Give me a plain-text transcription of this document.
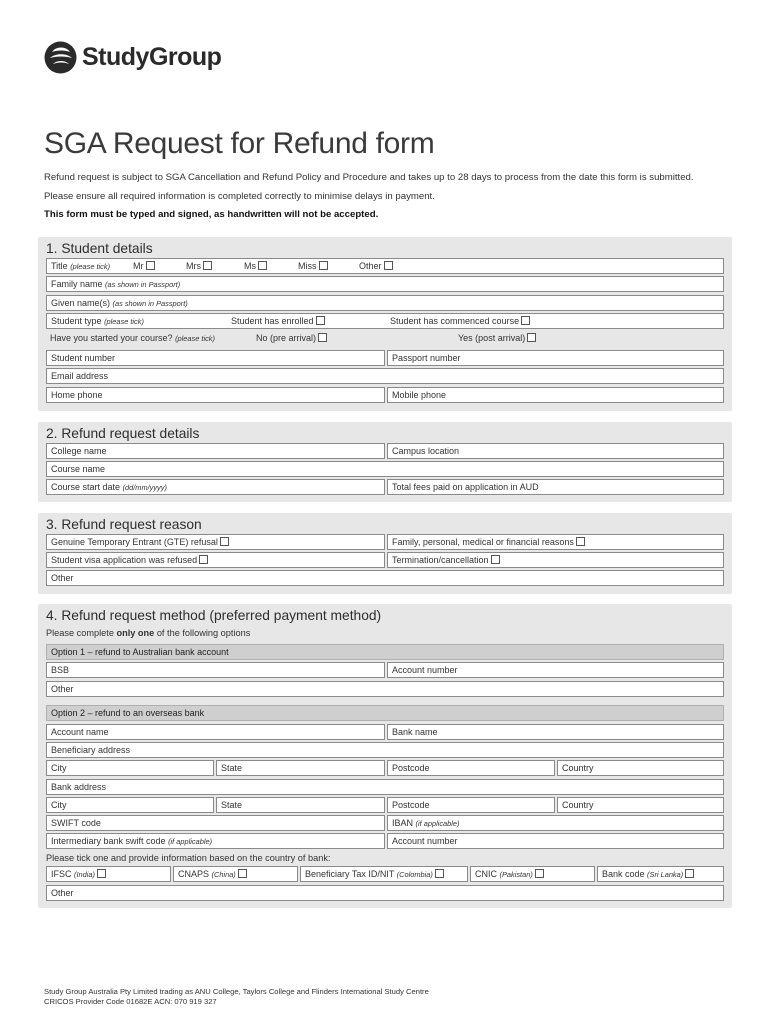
StudyGroup
SGA Request for Refund form
Refund request is subject to SGA Cancellation and Refund Policy and Procedure and takes up to 28 days to process from the date this form is submitted.
Please ensure all required information is completed correctly to minimise delays in payment.
This form must be typed and signed, as handwritten will not be accepted.
1. Student details
Title (please tick)	Mr	Mrs	Ms	Miss	Other
Family name (as shown in Passport)
Given name(s) (as shown in Passport)
Student type (please tick)	Student has enrolled	Student has commenced course
Have you started your course? (please tick)	No (pre arrival)	Yes (post arrival)
Student number	Passport number
Email address
Home phone	Mobile phone
2. Refund request details
College name	Campus location
Course name
Course start date (dd/mm/yyyy)	Total fees paid on application in AUD
3. Refund request reason
Genuine Temporary Entrant (GTE) refusal	Family, personal, medical or financial reasons
Student visa application was refused	Termination/cancellation
Other
4. Refund request method (preferred payment method)
Please complete only one of the following options
Option 1 – refund to Australian bank account
BSB	Account number
Other
Option 2 – refund to an overseas bank
Account name	Bank name
Beneficiary address
City	State	Postcode	Country
Bank address
City	State	Postcode	Country
SWIFT code	IBAN (if applicable)
Intermediary bank swift code (if applicable)	Account number
Please tick one and provide information based on the country of bank:
IFSC (India)	CNAPS (China)	Beneficiary Tax ID/NIT (Colombia)	CNIC (Pakistan)	Bank code (Sri Lanka)
Other
Study Group Australia Pty Limited trading as ANU College, Taylors College and Flinders International Study Centre
CRICOS Provider Code 01682E ACN: 070 919 327
